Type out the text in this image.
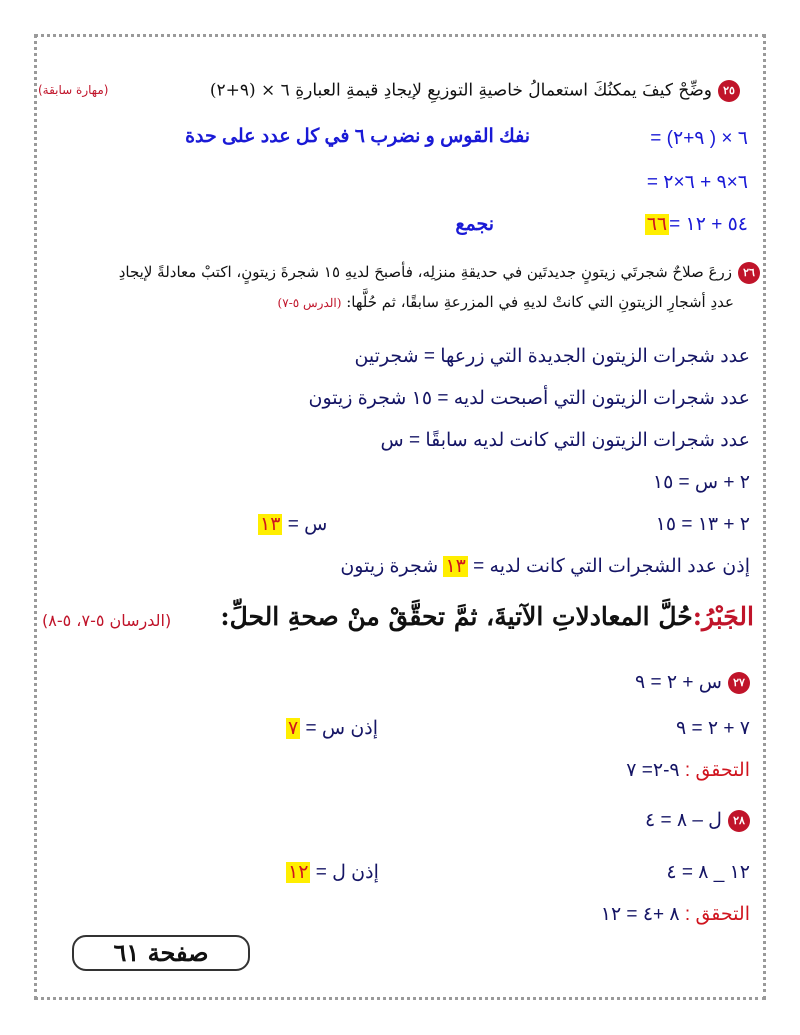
٢٥وضِّحْ كيفَ يمكنُكَ استعمالُ خاصيةِ التوزيعِ لإيجادِ قيمةِ العبارةِ ٦ × (٩+٢)
(مهارة سابقة)
٦ × ( ٩+٢) =
نفك القوس و نضرب ٦ في كل عدد على حدة
٦×٩ + ٦×٢ =
٥٤ + ١٢ =٦٦
نجمع
٢٦زرعَ صلاحٌ شجرتَي زيتونٍ جديدتَين في حديقةِ منزلِه، فأصبحَ لديهِ ١٥ شجرةَ زيتونٍ، اكتبْ معادلةً لإيجادِ
عددِ أشجارِ الزيتونِ التي كانتْ لديهِ في المزرعةِ سابقًا، ثم حُلَّها: (الدرس ٥-٧)
عدد شجرات الزيتون الجديدة التي زرعها = شجرتين
عدد شجرات الزيتون التي أصبحت لديه = ١٥ شجرة زيتون
عدد شجرات الزيتون التي كانت لديه سابقًا = س
٢ + س = ١٥
٢ + ١٣ = ١٥
س = ١٣
إذن عدد الشجرات التي كانت لديه = ١٣ شجرة زيتون
الجَبْرُ:حُلَّ المعادلاتِ الآتيةَ، ثمَّ تحقَّقْ منْ صحةِ الحلِّ:
(الدرسان ٥-٧، ٥-٨)
٢٧س + ٢ = ٩
٧ + ٢ = ٩
إذن س = ٧
التحقق : ٩-٢= ٧
٢٨ل – ٨ = ٤
١٢ _ ٨ = ٤
إذن ل = ١٢
التحقق : ٨ +٤ = ١٢
صفحة ٦١
